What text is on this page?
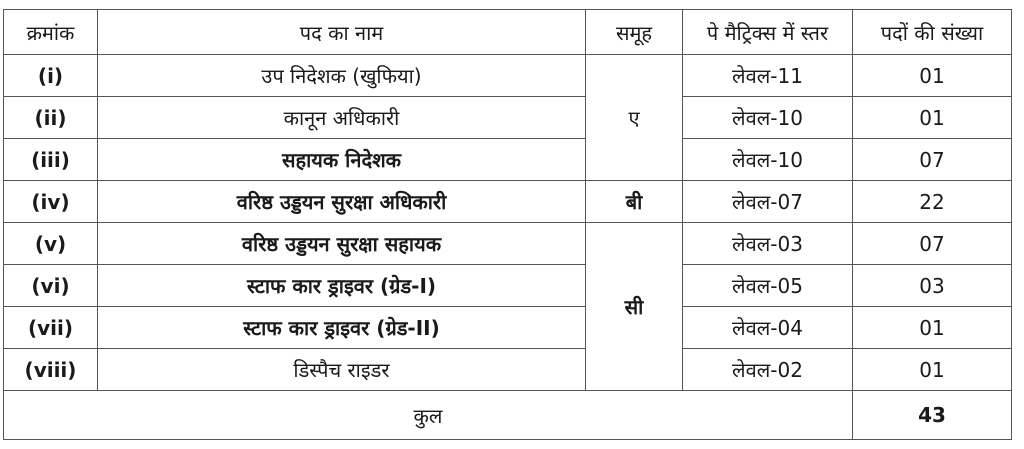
क्रमांक	पद का नाम	समूह	पे मैट्रिक्स में स्तर	पदों की संख्या
(i)	उप निदेशक (खुफिया)	ए	लेवल-11	01
(ii)	कानून अधिकारी		लेवल-10	01
(iii)	सहायक निदेशक		लेवल-10	07
(iv)	वरिष्ठ उड्डयन सुरक्षा अधिकारी	बी	लेवल-07	22
(v)	वरिष्ठ उड्डयन सुरक्षा सहायक	सी	लेवल-03	07
(vi)	स्टाफ कार ड्राइवर (ग्रेड-I)		लेवल-05	03
(vii)	स्टाफ कार ड्राइवर (ग्रेड-II)		लेवल-04	01
(viii)	डिस्पैच राइडर		लेवल-02	01
कुल				43
